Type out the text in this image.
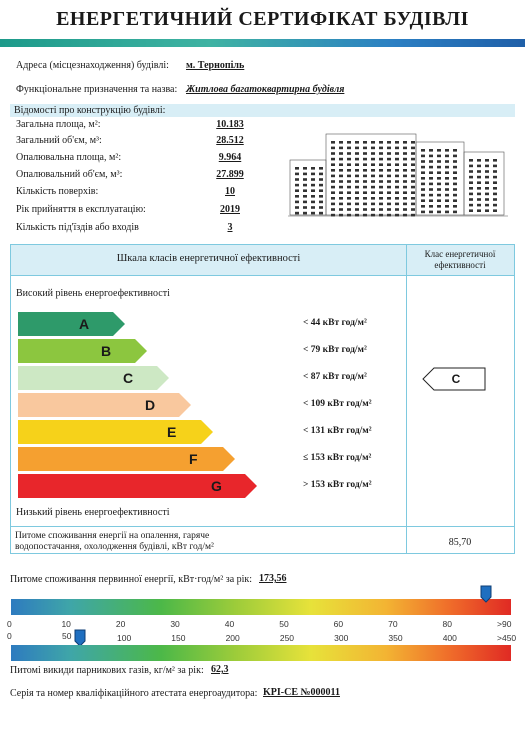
ЕНЕРГЕТИЧНИЙ СЕРТИФІКАТ БУДІВЛІ
Адреса (місцезнаходження) будівлі: м. Тернопіль
Функціональне призначення та назва: Житлова багатоквартирна будівля
Відомості про конструкцію будівлі:
Загальна площа, м²:	10.183
Загальний об'єм, м³:	28.512
Опалювальна площа, м²:	9.964
Опалювальний об'єм, м³:	27.899
Кількість поверхів:	10
Рік прийняття в експлуатацію:	2019
Кількість під'їздів або входів	3
Шкала класів енергетичної ефективності	Клас енергетичної ефективності
Високий рівень енергоефективності
Низький рівень енергоефективності
A	< 44 кВт год/м²
B	< 79 кВт год/м²
C	< 87 кВт год/м²
D	< 109 кВт год/м²
E	< 131 кВт год/м²
F	≤ 153 кВт год/м²
G	> 153 кВт год/м²
C
Питоме споживання енергії на опалення, гаряче водопостачання, охолодження будівлі, кВт год/м²	85,70
Питоме споживання первинної енергії, кВт·год/м² за рік: 173,56
0	10	20	30	40	50	60	70	80	>90
0	50	100	150	200	250	300	350	400	>450
Питомі викиди парникових газів, кг/м² за рік: 62,3
Серія та номер кваліфікаційного атестата енергоаудитора: KPI-CE №000011
